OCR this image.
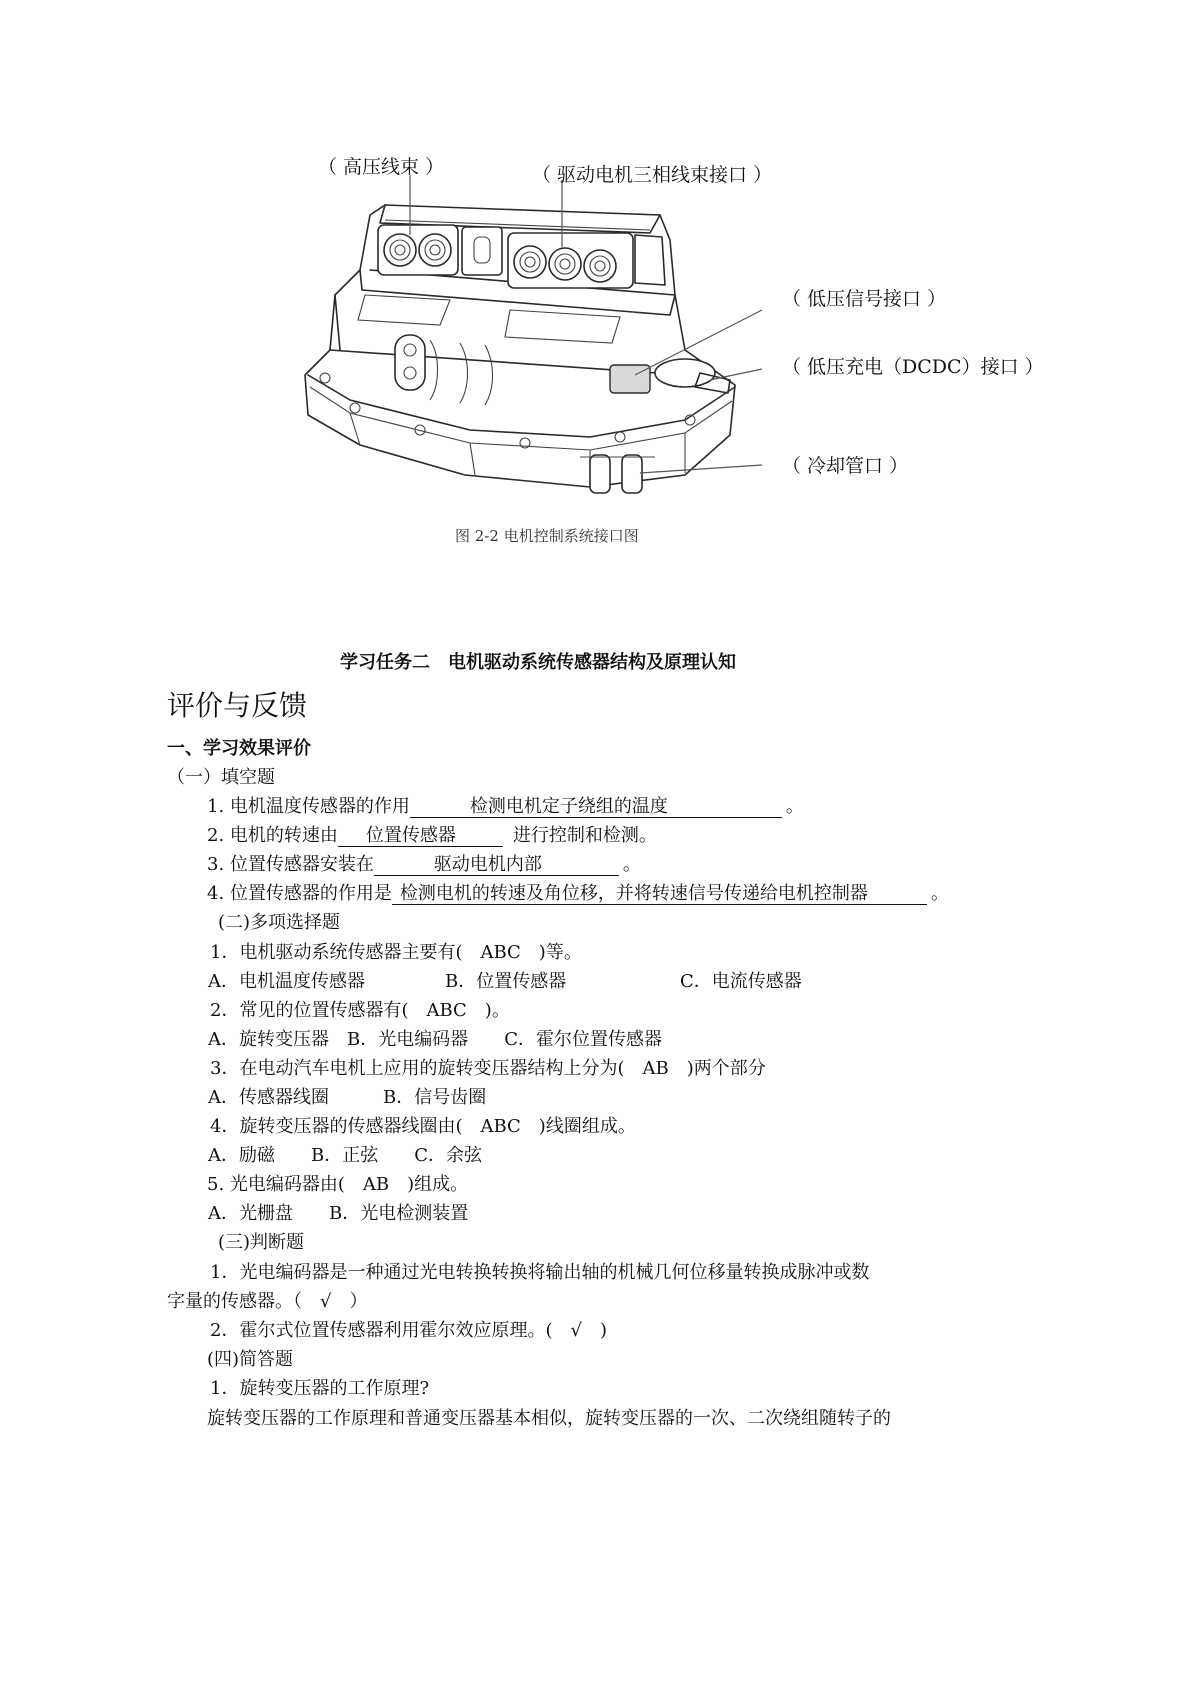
（ 高压线束 ）	（ 驱动电机三相线束接口 ）
（ 低压信号接口 ）
（ 低压充电（DCDC）接口 ）
（ 冷却管口 ）
图 2-2 电机控制系统接口图
学习任务二　电机驱动系统传感器结构及原理认知
评价与反馈
一、学习效果评价
（一）填空题
1. 电机温度传感器的作用	检测电机定子绕组的温度	。
2. 电机的转速由 位置传感器	进行控制和检测。
3. 位置传感器安装在	驱动电机内部	。
4. 位置传感器的作用是 检测电机的转速及角位移，并将转速信号传递给电机控制器	。
(二)多项选择题
1．电机驱动系统传感器主要有(　ABC　)等。
A．电机温度传感器	B．位置传感器	C．电流传感器
2．常见的位置传感器有(　ABC　)。
A．旋转变压器　B．光电编码器　　C．霍尔位置传感器
3．在电动汽车电机上应用的旋转变压器结构上分为(　AB　)两个部分
A．传感器线圈　　　B．信号齿圈
4．旋转变压器的传感器线圈由(　ABC　)线圈组成。
A．励磁　　B．正弦　　C．余弦
5. 光电编码器由(　AB　)组成。
A．光栅盘　　B．光电检测装置
(三)判断题
1．光电编码器是一种通过光电转换转换将输出轴的机械几何位移量转换成脉冲或数
字量的传感器。（　√　）
2．霍尔式位置传感器利用霍尔效应原理。(　√　)
(四)简答题
1．旋转变压器的工作原理?
旋转变压器的工作原理和普通变压器基本相似，旋转变压器的一次、二次绕组随转子的
